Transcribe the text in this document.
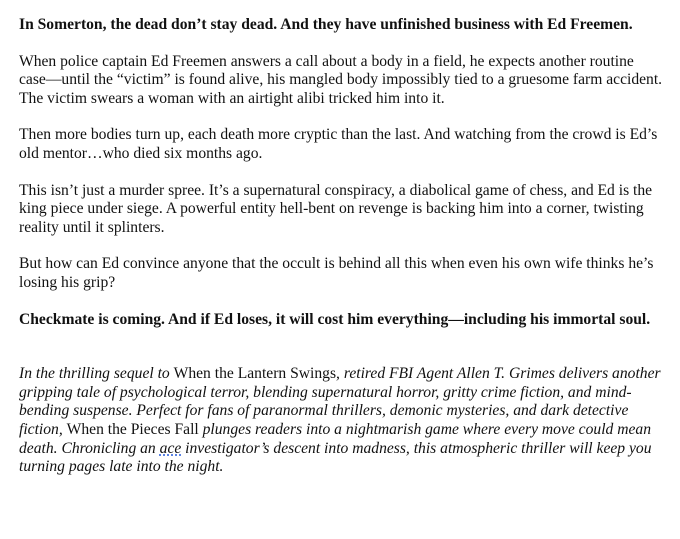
In Somerton, the dead don’t stay dead. And they have unfinished business with Ed Freemen.

When police captain Ed Freemen answers a call about a body in a field, he expects another routine case—until the “victim” is found alive, his mangled body impossibly tied to a gruesome farm accident. The victim swears a woman with an airtight alibi tricked him into it.

Then more bodies turn up, each death more cryptic than the last. And watching from the crowd is Ed’s old mentor…who died six months ago.

This isn’t just a murder spree. It’s a supernatural conspiracy, a diabolical game of chess, and Ed is the king piece under siege. A powerful entity hell-bent on revenge is backing him into a corner, twisting reality until it splinters.

But how can Ed convince anyone that the occult is behind all this when even his own wife thinks he’s losing his grip?

Checkmate is coming. And if Ed loses, it will cost him everything—including his immortal soul.

In the thrilling sequel to When the Lantern Swings, retired FBI Agent Allen T. Grimes delivers another gripping tale of psychological terror, blending supernatural horror, gritty crime fiction, and mind-bending suspense. Perfect for fans of paranormal thrillers, demonic mysteries, and dark detective fiction, When the Pieces Fall plunges readers into a nightmarish game where every move could mean death. Chronicling an ace investigator’s descent into madness, this atmospheric thriller will keep you turning pages late into the night.
